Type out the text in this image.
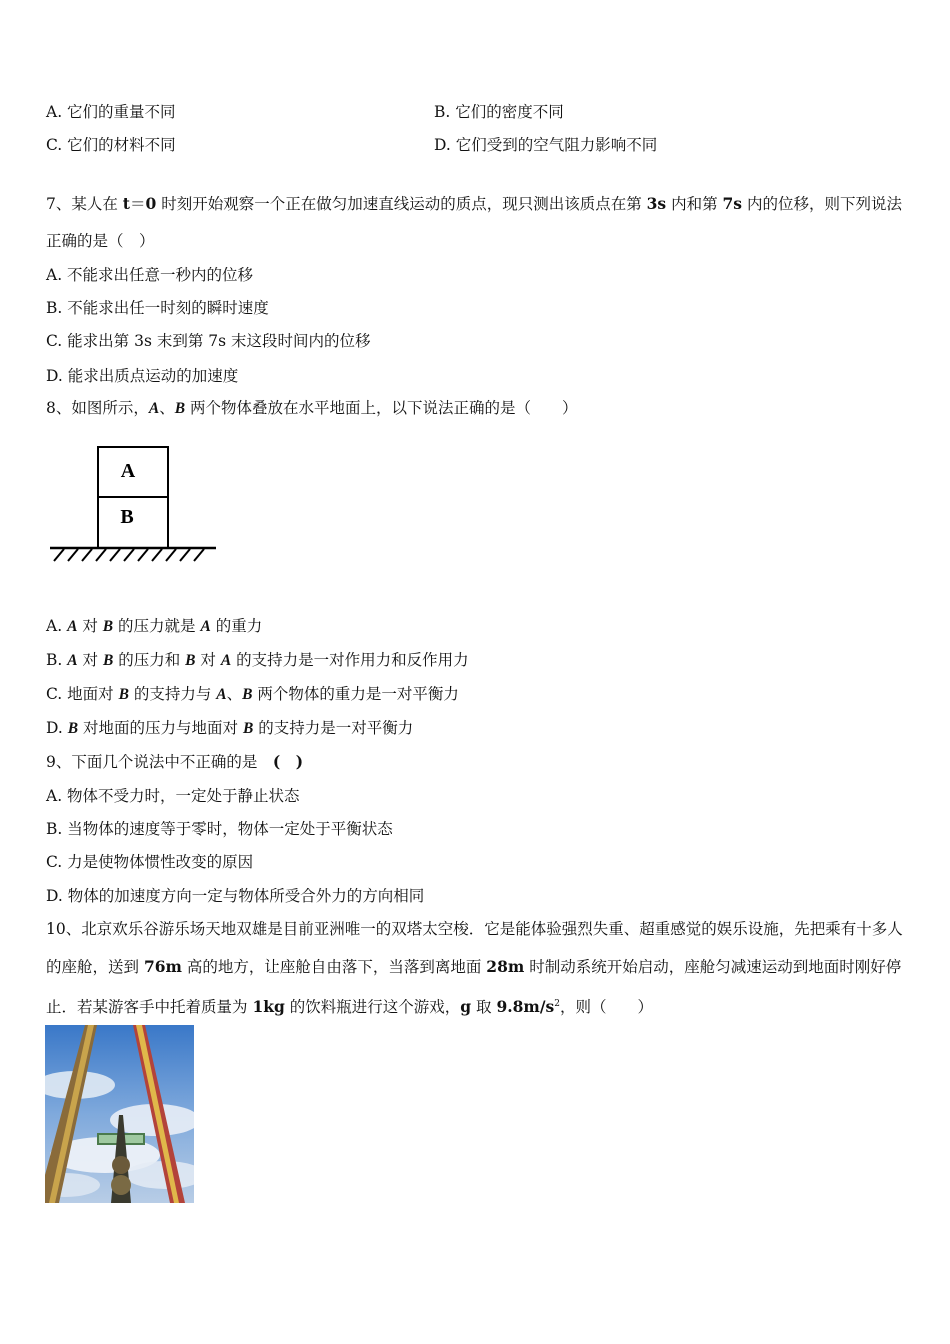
A. 它们的重量不同	B. 它们的密度不同
C. 它们的材料不同	D. 它们受到的空气阻力影响不同
7、某人在 t＝0 时刻开始观察一个正在做匀加速直线运动的质点，现只测出该质点在第 3s 内和第 7s 内的位移，则下列说法正确的是（　）
A. 不能求出任意一秒内的位移
B. 不能求出任一时刻的瞬时速度
C. 能求出第 3s 末到第 7s 末这段时间内的位移
D. 能求出质点运动的加速度
8、如图所示，A、B 两个物体叠放在水平地面上，以下说法正确的是（　　）
A
B
A. A 对 B 的压力就是 A 的重力
B. A 对 B 的压力和 B 对 A 的支持力是一对作用力和反作用力
C. 地面对 B 的支持力与 A、B 两个物体的重力是一对平衡力
D. B 对地面的压力与地面对 B 的支持力是一对平衡力
9、下面几个说法中不正确的是　(　)
A. 物体不受力时，一定处于静止状态
B. 当物体的速度等于零时，物体一定处于平衡状态
C. 力是使物体惯性改变的原因
D. 物体的加速度方向一定与物体所受合外力的方向相同
10、北京欢乐谷游乐场天地双雄是目前亚洲唯一的双塔太空梭．它是能体验强烈失重、超重感觉的娱乐设施，先把乘有十多人的座舱，送到 76m 高的地方，让座舱自由落下，当落到离地面 28m 时制动系统开始启动，座舱匀减速运动到地面时刚好停止．若某游客手中托着质量为 1kg 的饮料瓶进行这个游戏，g 取 $9.8m/s^2$，则（　　）
